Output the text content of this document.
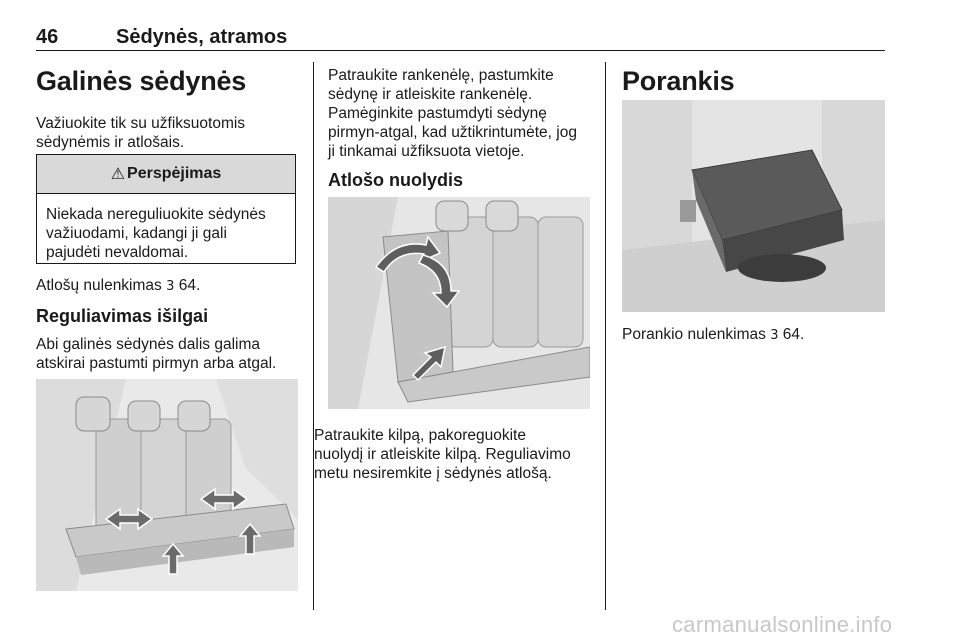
46	Sėdynės, atramos
Galinės sėdynės
Važiuokite tik su užfiksuotomis
sėdynėmis ir atlošais.
⚠ Perspėjimas
Niekada nereguliuokite sėdynės
važiuodami, kadangi ji gali
pajudėti nevaldomai.
Atlošų nulenkimas 3 64.
Reguliavimas išilgai
Abi galinės sėdynės dalis galima
atskirai pastumti pirmyn arba atgal.
Patraukite rankenėlę, pastumkite
sėdynę ir atleiskite rankenėlę.
Pamėginkite pastumdyti sėdynę
pirmyn-atgal, kad užtikrintumėte, jog
ji tinkamai užfiksuota vietoje.
Atlošo nuolydis
Patraukite kilpą, pakoreguokite
nuolydį ir atleiskite kilpą. Reguliavimo
metu nesiremkite į sėdynės atlošą.
Porankis
Porankio nulenkimas 3 64.
carmanualsonline.info
